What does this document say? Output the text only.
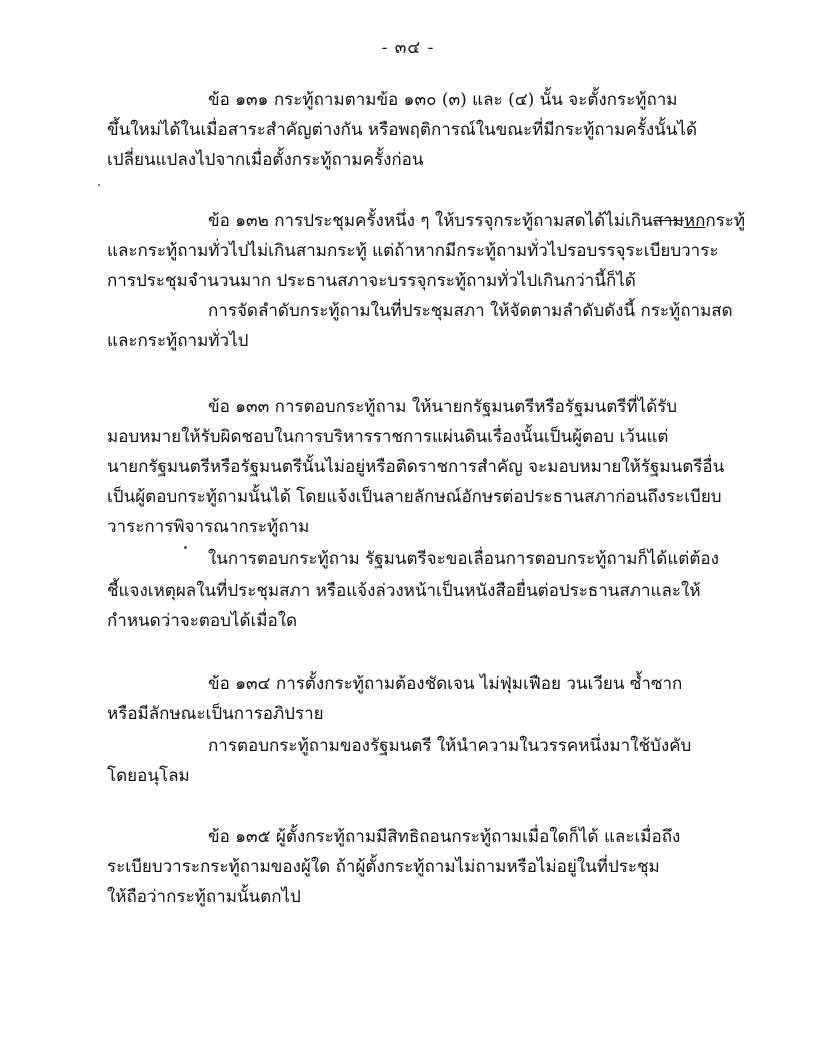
- ๓๔ -
ข้อ ๑๓๑ กระทู้ถามตามข้อ ๑๓๐ (๓) และ (๔) นั้น จะตั้งกระทู้ถาม
ขึ้นใหม่ได้ในเมื่อสาระสำคัญต่างกัน หรือพฤติการณ์ในขณะที่มีกระทู้ถามครั้งนั้นได้
เปลี่ยนแปลงไปจากเมื่อตั้งกระทู้ถามครั้งก่อน
ข้อ ๑๓๒ การประชุมครั้งหนึ่ง ๆ ให้บรรจุกระทู้ถามสดได้ไม่เกินสามหกกระทู้
และกระทู้ถามทั่วไปไม่เกินสามกระทู้ แต่ถ้าหากมีกระทู้ถามทั่วไปรอบรรจุระเบียบวาระ
การประชุมจำนวนมาก ประธานสภาจะบรรจุกระทู้ถามทั่วไปเกินกว่านี้ก็ได้
การจัดลำดับกระทู้ถามในที่ประชุมสภา ให้จัดตามลำดับดังนี้ กระทู้ถามสด
และกระทู้ถามทั่วไป
ข้อ ๑๓๓ การตอบกระทู้ถาม ให้นายกรัฐมนตรีหรือรัฐมนตรีที่ได้รับ
มอบหมายให้รับผิดชอบในการบริหารราชการแผ่นดินเรื่องนั้นเป็นผู้ตอบ เว้นแต่
นายกรัฐมนตรีหรือรัฐมนตรีนั้นไม่อยู่หรือติดราชการสำคัญ จะมอบหมายให้รัฐมนตรีอื่น
เป็นผู้ตอบกระทู้ถามนั้นได้ โดยแจ้งเป็นลายลักษณ์อักษรต่อประธานสภาก่อนถึงระเบียบ
วาระการพิจารณากระทู้ถาม
ในการตอบกระทู้ถาม รัฐมนตรีจะขอเลื่อนการตอบกระทู้ถามก็ได้แต่ต้อง
ชี้แจงเหตุผลในที่ประชุมสภา หรือแจ้งล่วงหน้าเป็นหนังสือยื่นต่อประธานสภาและให้
กำหนดว่าจะตอบได้เมื่อใด
ข้อ ๑๓๔ การตั้งกระทู้ถามต้องชัดเจน ไม่ฟุ่มเฟือย วนเวียน ซ้ำซาก
หรือมีลักษณะเป็นการอภิปราย
การตอบกระทู้ถามของรัฐมนตรี ให้นำความในวรรคหนึ่งมาใช้บังคับ
โดยอนุโลม
ข้อ ๑๓๕ ผู้ตั้งกระทู้ถามมีสิทธิถอนกระทู้ถามเมื่อใดก็ได้ และเมื่อถึง
ระเบียบวาระกระทู้ถามของผู้ใด ถ้าผู้ตั้งกระทู้ถามไม่ถามหรือไม่อยู่ในที่ประชุม
ให้ถือว่ากระทู้ถามนั้นตกไป
